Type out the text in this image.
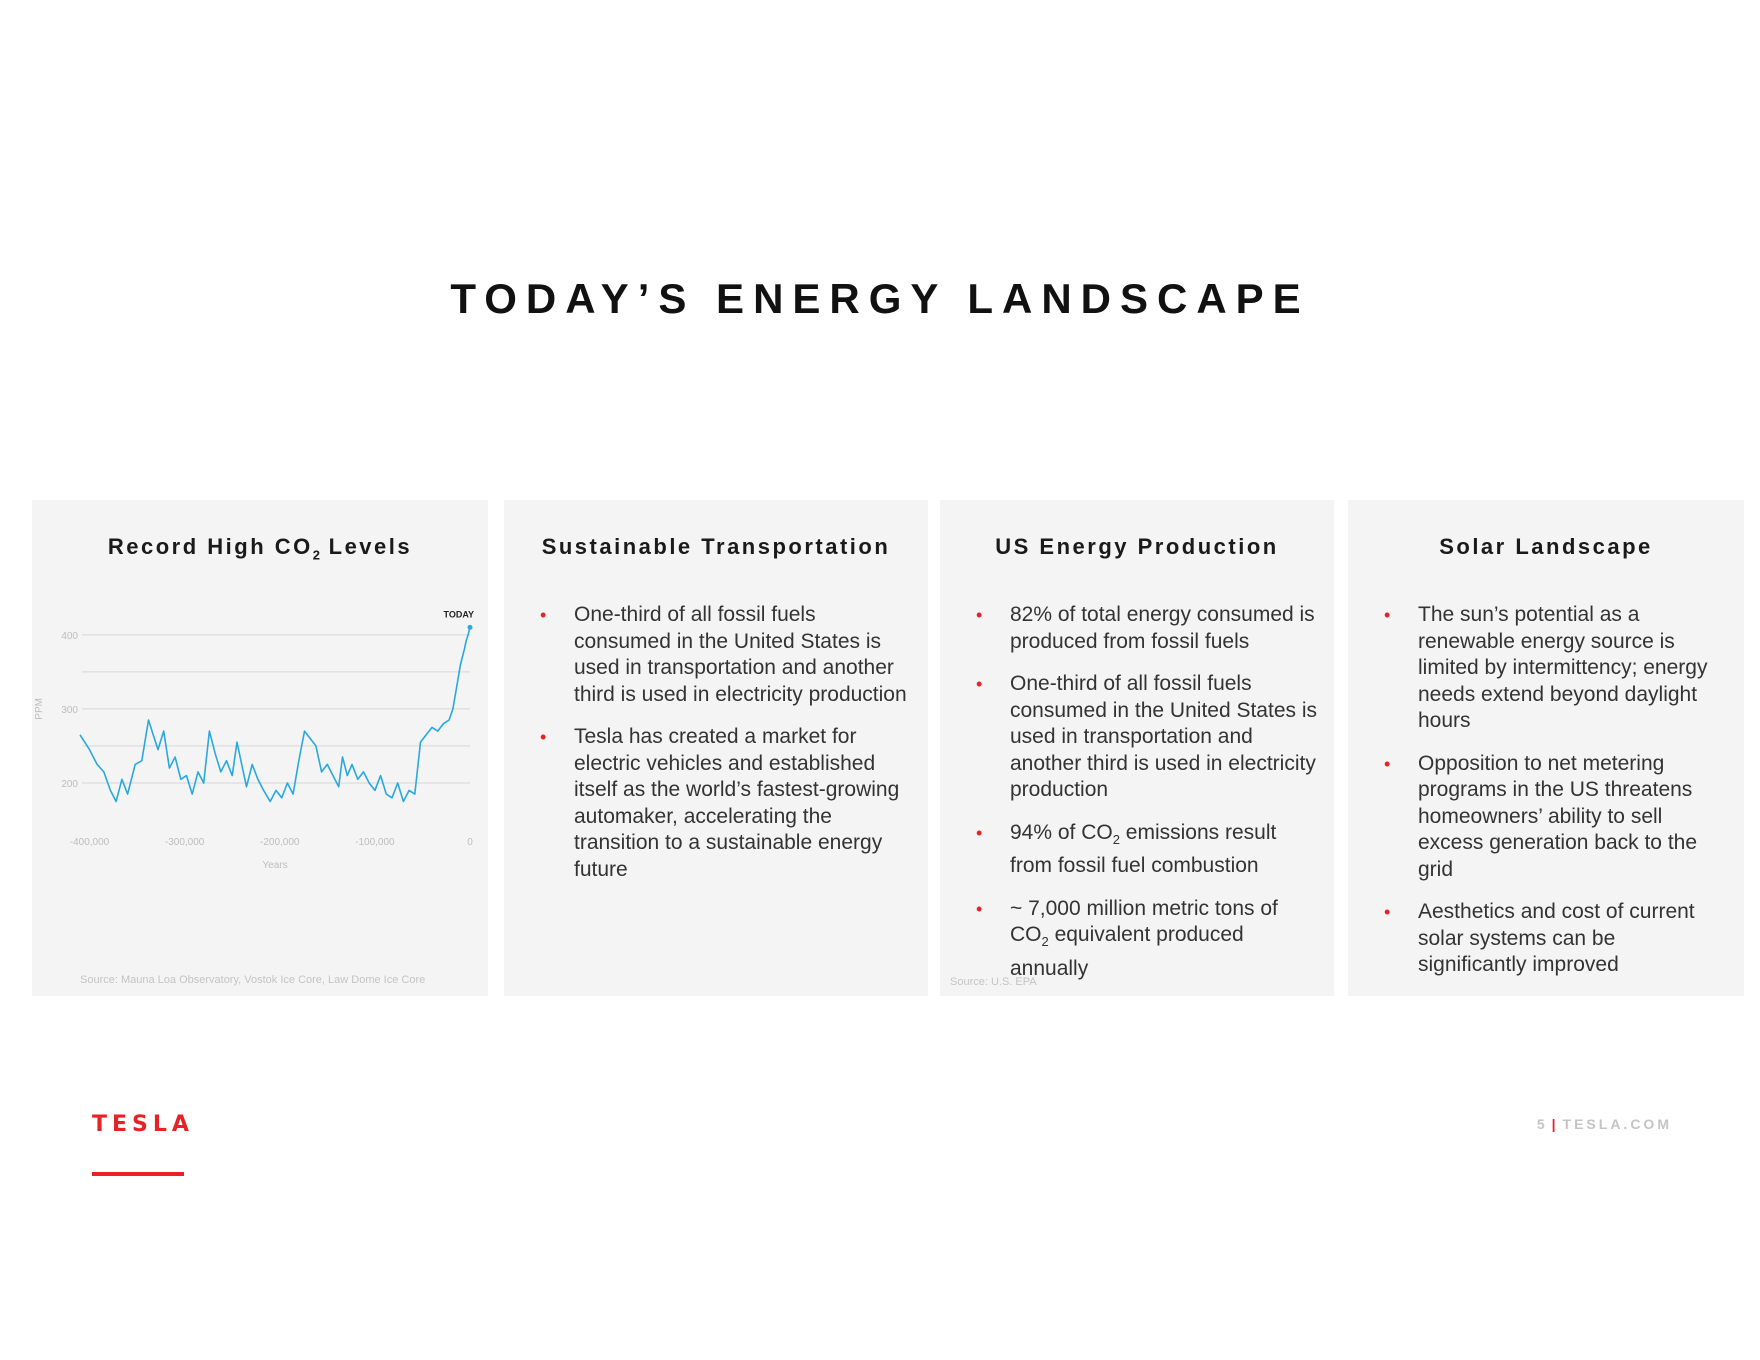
TODAY’S ENERGY LANDSCAPE
Record High $CO_2$ Levels
400
300
200
-400,000	-300,000	-200,000	-100,000	0
Years
PPM
TODAY
Source: Mauna Loa Observatory, Vostok Ice Core, Law Dome Ice Core
Sustainable Transportation
• One-third of all fossil fuels consumed in the United States is used in transportation and another third is used in electricity production
• Tesla has created a market for electric vehicles and established itself as the world’s fastest-growing automaker, accelerating the transition to a sustainable energy future
US Energy Production
• 82% of total energy consumed is produced from fossil fuels
• One-third of all fossil fuels consumed in the United States is used in transportation and another third is used in electricity production
• 94% of $CO_2$ emissions result from fossil fuel combustion
• ~ 7,000 million metric tons of $CO_2$ equivalent produced annually
Source: U.S. EPA
Solar Landscape
• The sun’s potential as a renewable energy source is limited by intermittency; energy needs extend beyond daylight hours
• Opposition to net metering programs in the US threatens homeowners’ ability to sell excess generation back to the grid
• Aesthetics and cost of current solar systems can be significantly improved
TESLA	5 | TESLA.COM
